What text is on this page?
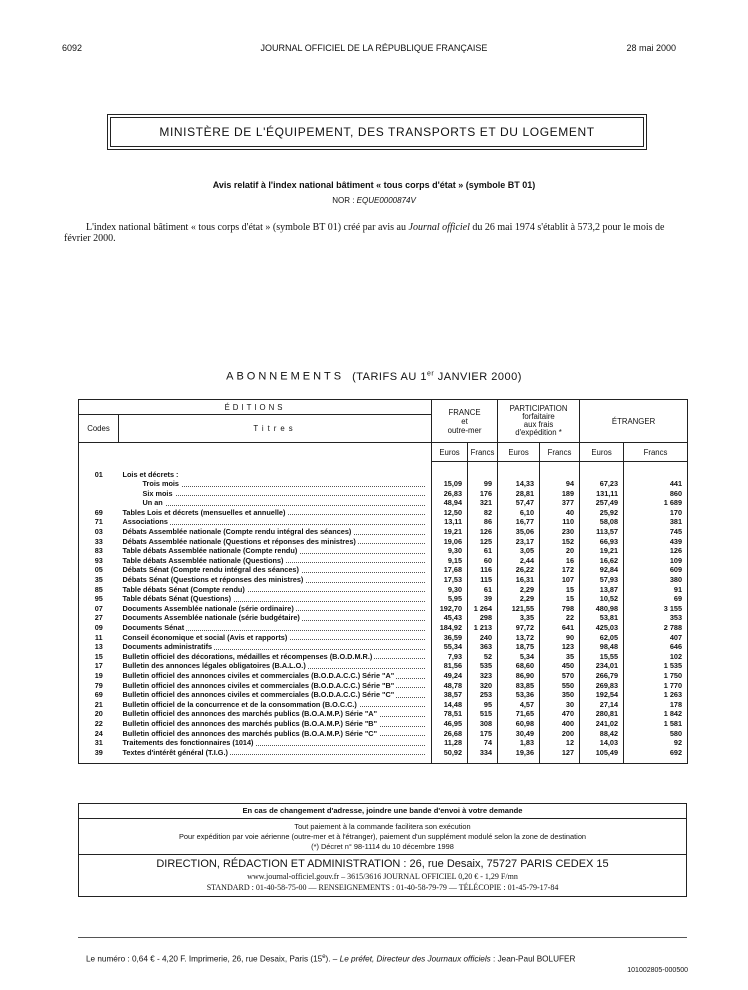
6092	JOURNAL OFFICIEL DE LA RÉPUBLIQUE FRANÇAISE	28 mai 2000
MINISTÈRE DE L'ÉQUIPEMENT, DES TRANSPORTS ET DU LOGEMENT
Avis relatif à l'index national bâtiment « tous corps d'état » (symbole BT 01)
NOR : EQUE0000874V
L'index national bâtiment « tous corps d'état » (symbole BT 01) créé par avis au Journal officiel du 26 mai 1974 s'établit à 573,2 pour le mois de février 2000.
ABONNEMENTS (TARIFS AU 1er JANVIER 2000)
ÉDITIONS		FRANCE
et
outre-mer		PARTICIPATION
forfaitaire
aux frais
d'expédition *		ÉTRANGER	
Codes	Titres						
		Euros	Francs	Euros	Francs	Euros	Francs

01	Lois et décrets :						
	Trois mois	15,09	99	14,33	94	67,23	441
	Six mois	26,83	176	28,81	189	131,11	860
	Un an	48,94	321	57,47	377	257,49	1 689
69	Tables Lois et décrets (mensuelles et annuelle)	12,50	82	6,10	40	25,92	170
71	Associations	13,11	86	16,77	110	58,08	381
03	Débats Assemblée nationale (Compte rendu intégral des séances)	19,21	126	35,06	230	113,57	745
33	Débats Assemblée nationale (Questions et réponses des ministres)	19,06	125	23,17	152	66,93	439
83	Table débats Assemblée nationale (Compte rendu)	9,30	61	3,05	20	19,21	126
93	Table débats Assemblée nationale (Questions)	9,15	60	2,44	16	16,62	109
05	Débats Sénat (Compte rendu intégral des séances)	17,68	116	26,22	172	92,84	609
35	Débats Sénat (Questions et réponses des ministres)	17,53	115	16,31	107	57,93	380
85	Table débats Sénat (Compte rendu)	9,30	61	2,29	15	13,87	91
95	Table débats Sénat (Questions)	5,95	39	2,29	15	10,52	69
07	Documents Assemblée nationale (série ordinaire)	192,70	1 264	121,55	798	480,98	3 155
27	Documents Assemblée nationale (série budgétaire)	45,43	298	3,35	22	53,81	353
09	Documents Sénat	184,92	1 213	97,72	641	425,03	2 788
11	Conseil économique et social (Avis et rapports)	36,59	240	13,72	90	62,05	407
13	Documents administratifs	55,34	363	18,75	123	98,48	646
15	Bulletin officiel des décorations, médailles et récompenses (B.O.D.M.R.)	7,93	52	5,34	35	15,55	102
17	Bulletin des annonces légales obligatoires (B.A.L.O.)	81,56	535	68,60	450	234,01	1 535
19	Bulletin officiel des annonces civiles et commerciales (B.O.D.A.C.C.) Série "A"	49,24	323	86,90	570	266,79	1 750
79	Bulletin officiel des annonces civiles et commerciales (B.O.D.A.C.C.) Série "B"	48,78	320	83,85	550	269,83	1 770
69	Bulletin officiel des annonces civiles et commerciales (B.O.D.A.C.C.) Série "C"	38,57	253	53,36	350	192,54	1 263
21	Bulletin officiel de la concurrence et de la consommation (B.O.C.C.)	14,48	95	4,57	30	27,14	178
20	Bulletin officiel des annonces des marchés publics (B.O.A.M.P.) Série "A"	78,51	515	71,65	470	280,81	1 842
22	Bulletin officiel des annonces des marchés publics (B.O.A.M.P.) Série "B"	46,95	308	60,98	400	241,02	1 581
24	Bulletin officiel des annonces des marchés publics (B.O.A.M.P.) Série "C"	26,68	175	30,49	200	88,42	580
31	Traitements des fonctionnaires (1014)	11,28	74	1,83	12	14,03	92
39	Textes d'intérêt général (T.I.G.)	50,92	334	19,36	127	105,49	692

En cas de changement d'adresse, joindre une bande d'envoi à votre demande
Tout paiement à la commande facilitera son exécution
Pour expédition par voie aérienne (outre-mer et à l'étranger), paiement d'un supplément modulé selon la zone de destination
(*) Décret n° 98-1114 du 10 décembre 1998
DIRECTION, RÉDACTION ET ADMINISTRATION : 26, rue Desaix, 75727 PARIS CEDEX 15
www.journal-officiel.gouv.fr – 3615/3616 JOURNAL OFFICIEL 0,20 € - 1,29 F/mn
STANDARD : 01-40-58-75-00 — RENSEIGNEMENTS : 01-40-58-79-79 — TÉLÉCOPIE : 01-45-79-17-84
Le numéro : 0,64 € - 4,20 F. Imprimerie, 26, rue Desaix, Paris (15e). – Le préfet, Directeur des Journaux officiels : Jean-Paul BOLUFER
101002805-000500
